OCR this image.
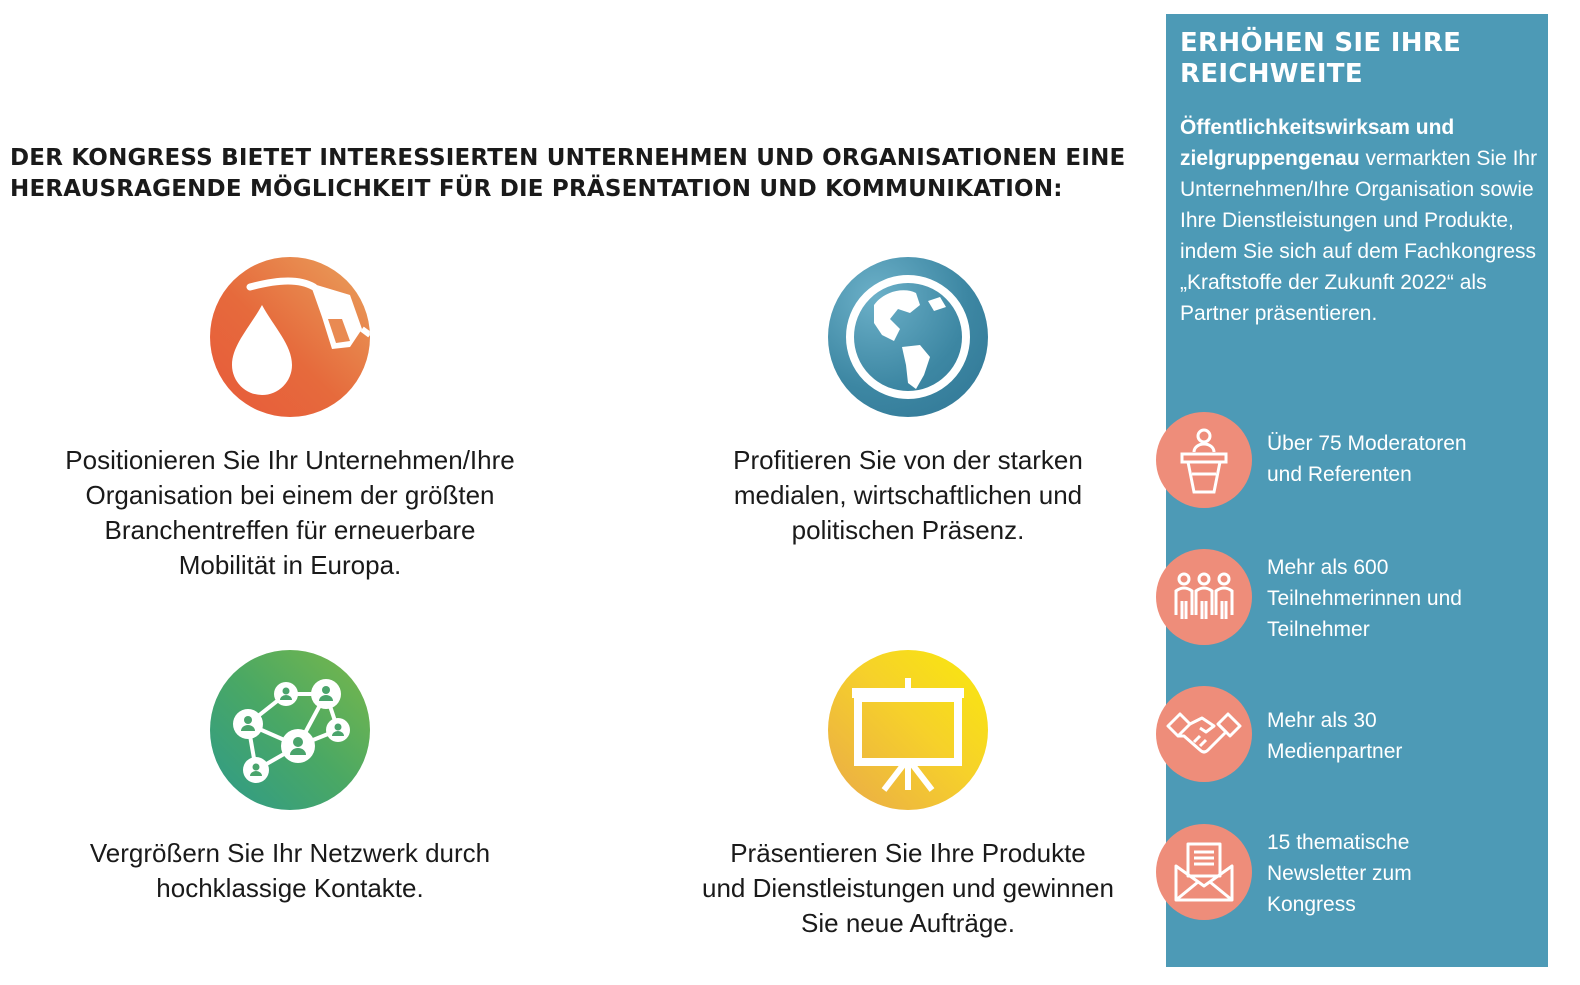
DER KONGRESS BIETET INTERESSIERTEN UNTERNEHMEN UND ORGANISATIONEN EINE HERAUSRAGENDE MÖGLICHKEIT FÜR DIE PRÄSENTATION UND KOMMUNIKATION:
Positionieren Sie Ihr Unternehmen/Ihre
Organisation bei einem der größten
Branchentreffen für erneuerbare
Mobilität in Europa.
Profitieren Sie von der starken
medialen, wirtschaftlichen und
politischen Präsenz.
Vergrößern Sie Ihr Netzwerk durch
hochklassige Kontakte.
Präsentieren Sie Ihre Produkte
und Dienstleistungen und gewinnen
Sie neue Aufträge.
ERHÖHEN SIE IHRE REICHWEITE
Öffentlichkeitswirksam und zielgruppengenau vermarkten Sie Ihr Unternehmen/Ihre Organisation sowie Ihre Dienstleistungen und Produkte, indem Sie sich auf dem Fachkongress „Kraftstoffe der Zukunft 2022“ als Partner präsentieren.
Über 75 Moderatoren
und Referenten
Mehr als 600
Teilnehmerinnen und
Teilnehmer
Mehr als 30
Medienpartner
15 thematische
Newsletter zum
Kongress
